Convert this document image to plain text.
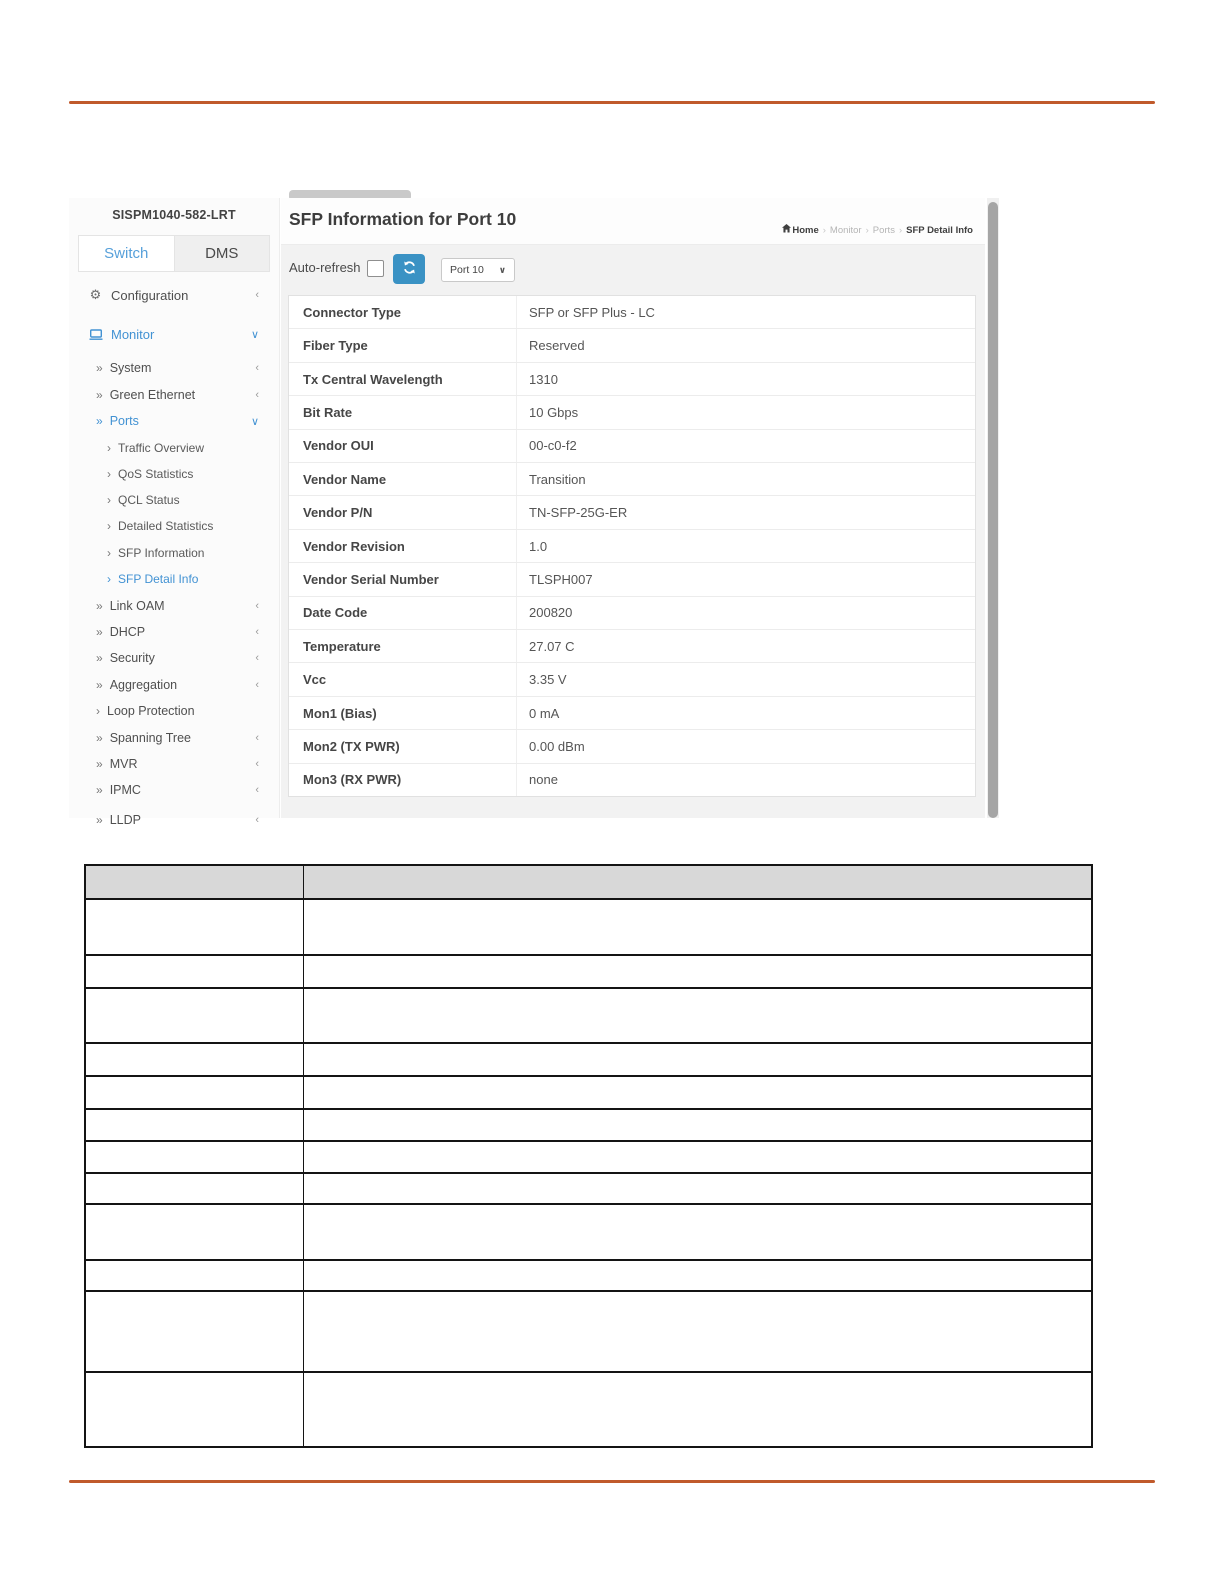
SISPM1040-582-LRT
Switch	DMS
⚙ Configuration	‹
Monitor	∨
» System	‹
» Green Ethernet	‹
» Ports	∨
› Traffic Overview
› QoS Statistics
› QCL Status
› Detailed Statistics
› SFP Information
› SFP Detail Info
» Link OAM	‹
» DHCP	‹
» Security	‹
» Aggregation	‹
› Loop Protection
» Spanning Tree	‹
» MVR	‹
» IPMC	‹
» LLDP	‹
SFP Information for Port 10
Home › Monitor › Ports › SFP Detail Info
Auto-refresh	Port 10 ∨
Connector Type	SFP or SFP Plus - LC
Fiber Type	Reserved
Tx Central Wavelength	1310
Bit Rate	10 Gbps
Vendor OUI	00-c0-f2
Vendor Name	Transition
Vendor P/N	TN-SFP-25G-ER
Vendor Revision	1.0
Vendor Serial Number	TLSPH007
Date Code	200820
Temperature	27.07 C
Vcc	3.35 V
Mon1 (Bias)	0 mA
Mon2 (TX PWR)	0.00 dBm
Mon3 (RX PWR)	none
